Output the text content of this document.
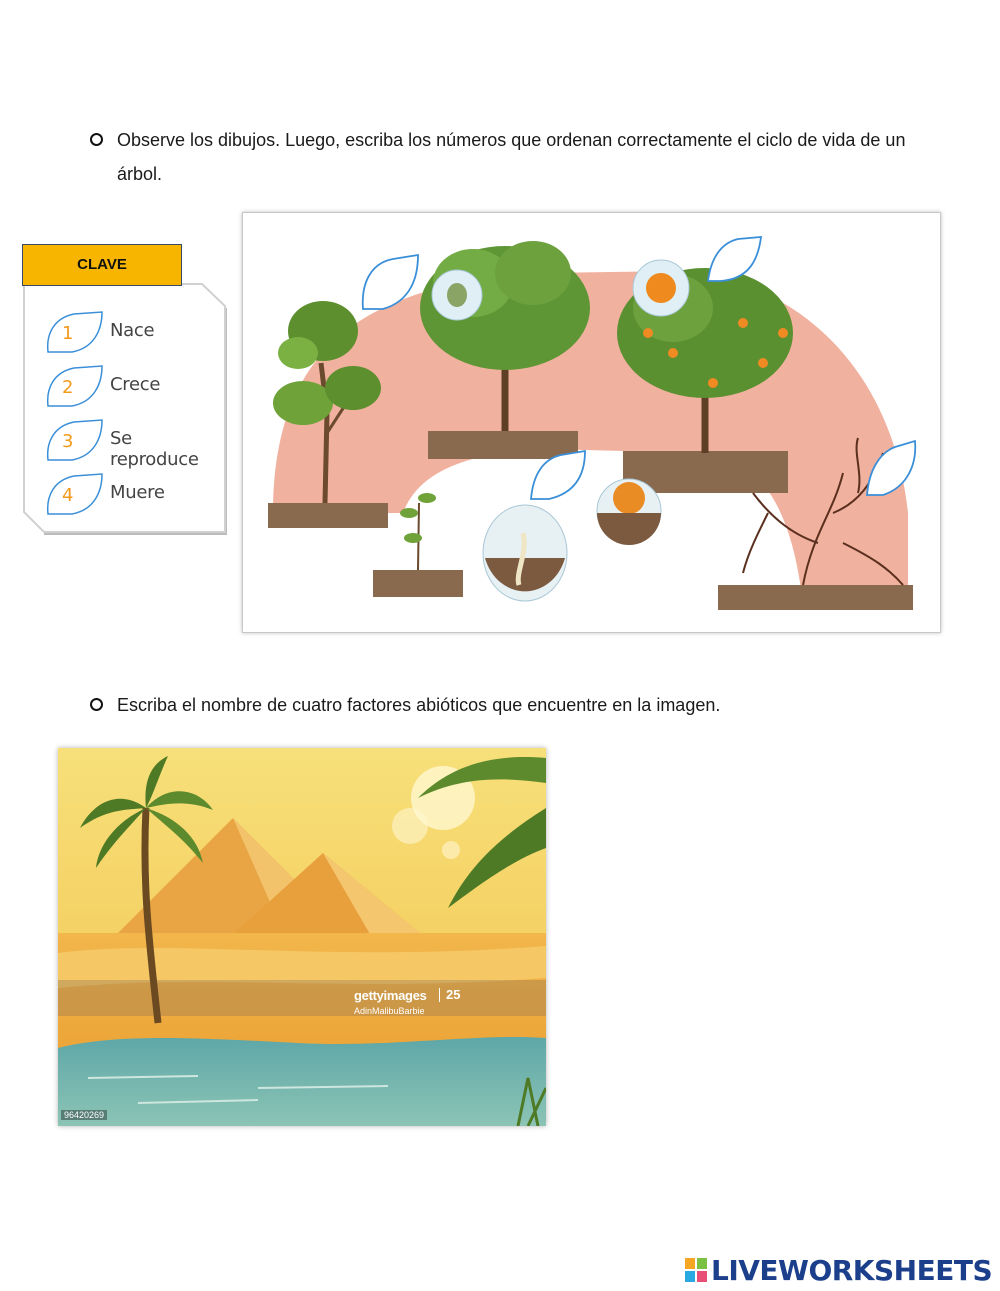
Observe los dibujos. Luego, escriba los números que ordenan correctamente el ciclo de vida de un árbol.
CLAVE
1 Nace
2 Crece
3 Se reproduce
4 Muere
Escriba el nombre de cuatro factores abióticos que encuentre en la imagen.
gettyimages 25
AdinMalibuBarbie
96420269
LIVEWORKSHEETS
